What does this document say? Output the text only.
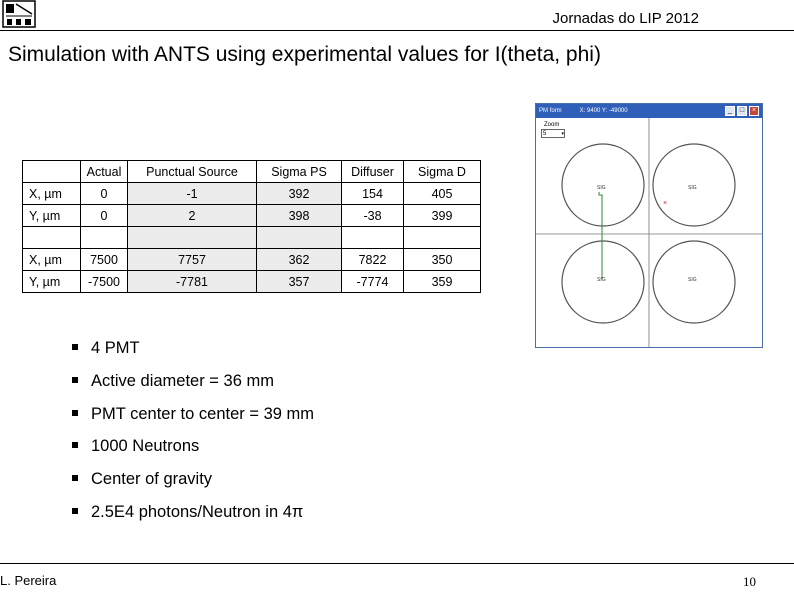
Jornadas do LIP 2012
Simulation with ANTS using experimental values for I(theta, phi)
	Actual	Punctual Source	Sigma PS	Diffuser	Sigma D
X, µm	0	-1	392	154	405
Y, µm	0	2	398	-38	399

X, µm	7500	7757	362	7822	350
Y, µm	-7500	-7781	357	-7774	359
4 PMT
Active diameter = 36 mm
PMT center to center = 39 mm
1000 Neutrons
Center of gravity
2.5E4 photons/Neutron in 4π
PM form	X: 9400 Y: -49000	_	□	×
Zoom
5	▾
SIG	SIG
SIG	SIG
×
L. Pereira	10
